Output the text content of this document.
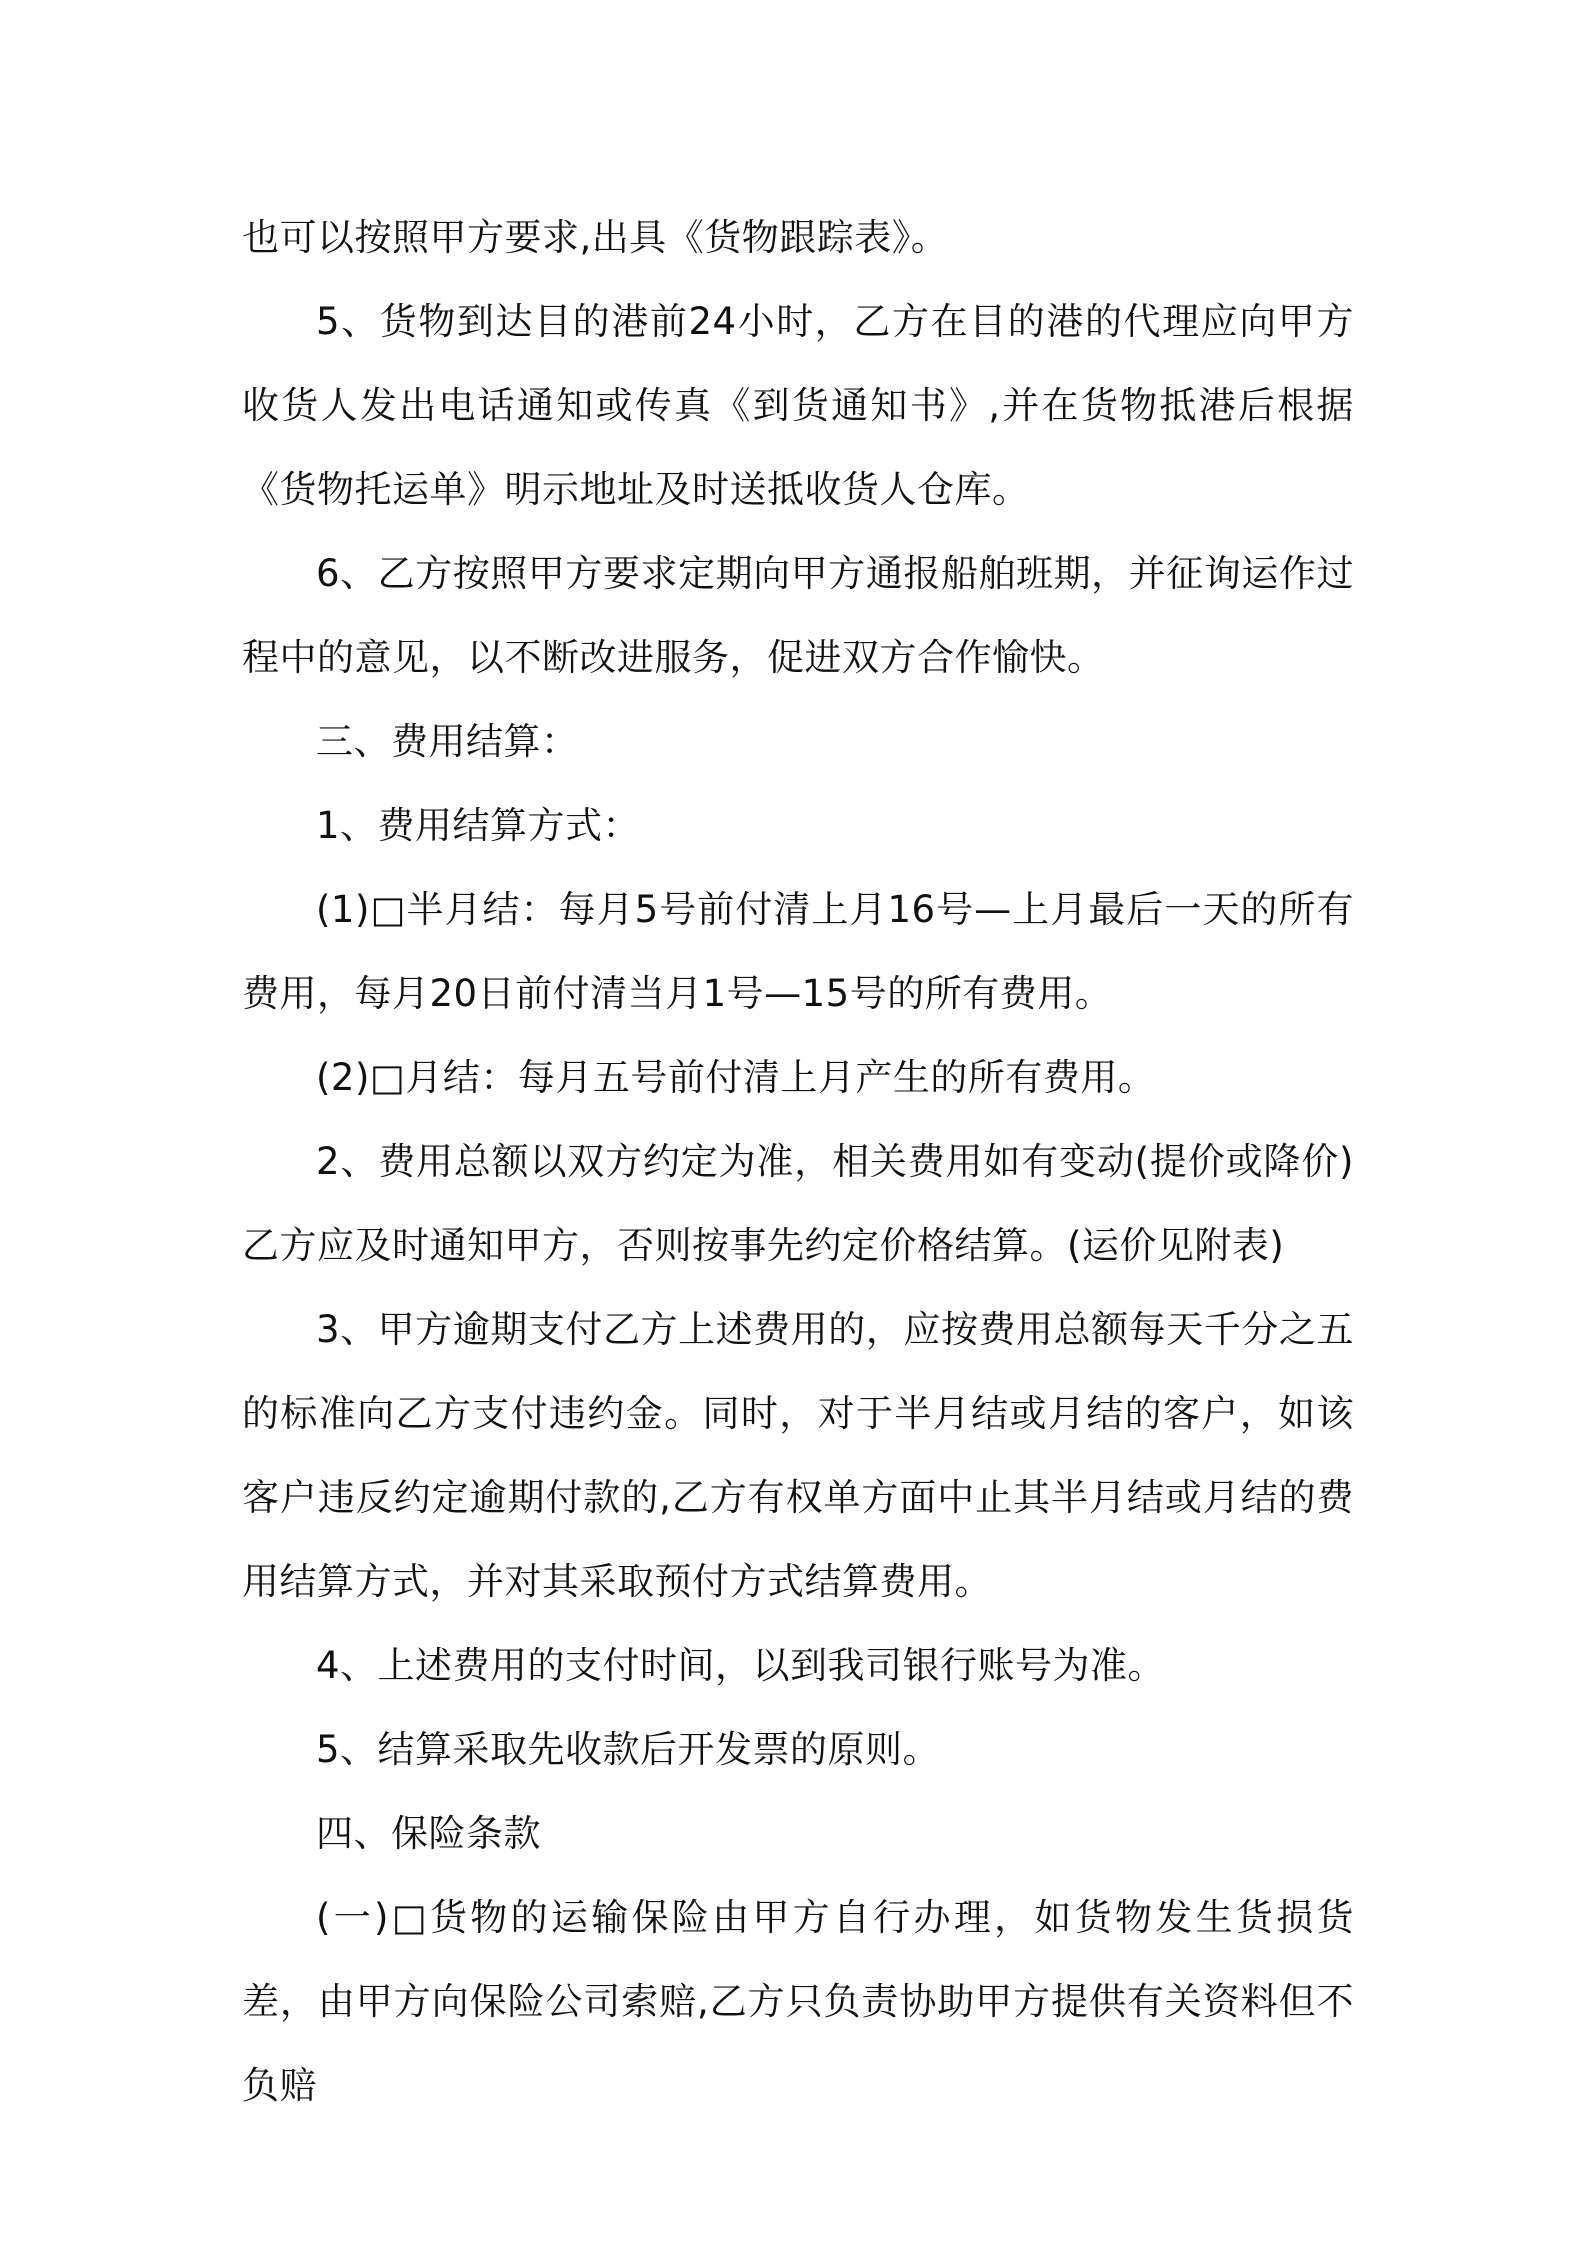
也可以按照甲方要求,出具《货物跟踪表》。

5、货物到达目的港前24小时，乙方在目的港的代理应向甲方收货人发出电话通知或传真《到货通知书》,并在货物抵港后根据《货物托运单》明示地址及时送抵收货人仓库。

6、乙方按照甲方要求定期向甲方通报船舶班期，并征询运作过程中的意见，以不断改进服务，促进双方合作愉快。

三、费用结算：

1、费用结算方式：

(1)□半月结：每月5号前付清上月16号—上月最后一天的所有费用，每月20日前付清当月1号—15号的所有费用。

(2)□月结：每月五号前付清上月产生的所有费用。

2、费用总额以双方约定为准，相关费用如有变动(提价或降价)乙方应及时通知甲方，否则按事先约定价格结算。(运价见附表)

3、甲方逾期支付乙方上述费用的，应按费用总额每天千分之五的标准向乙方支付违约金。同时，对于半月结或月结的客户，如该客户违反约定逾期付款的,乙方有权单方面中止其半月结或月结的费用结算方式，并对其采取预付方式结算费用。

4、上述费用的支付时间，以到我司银行账号为准。

5、结算采取先收款后开发票的原则。

四、保险条款

(一)□货物的运输保险由甲方自行办理，如货物发生货损货差，由甲方向保险公司索赔,乙方只负责协助甲方提供有关资料但不负赔
